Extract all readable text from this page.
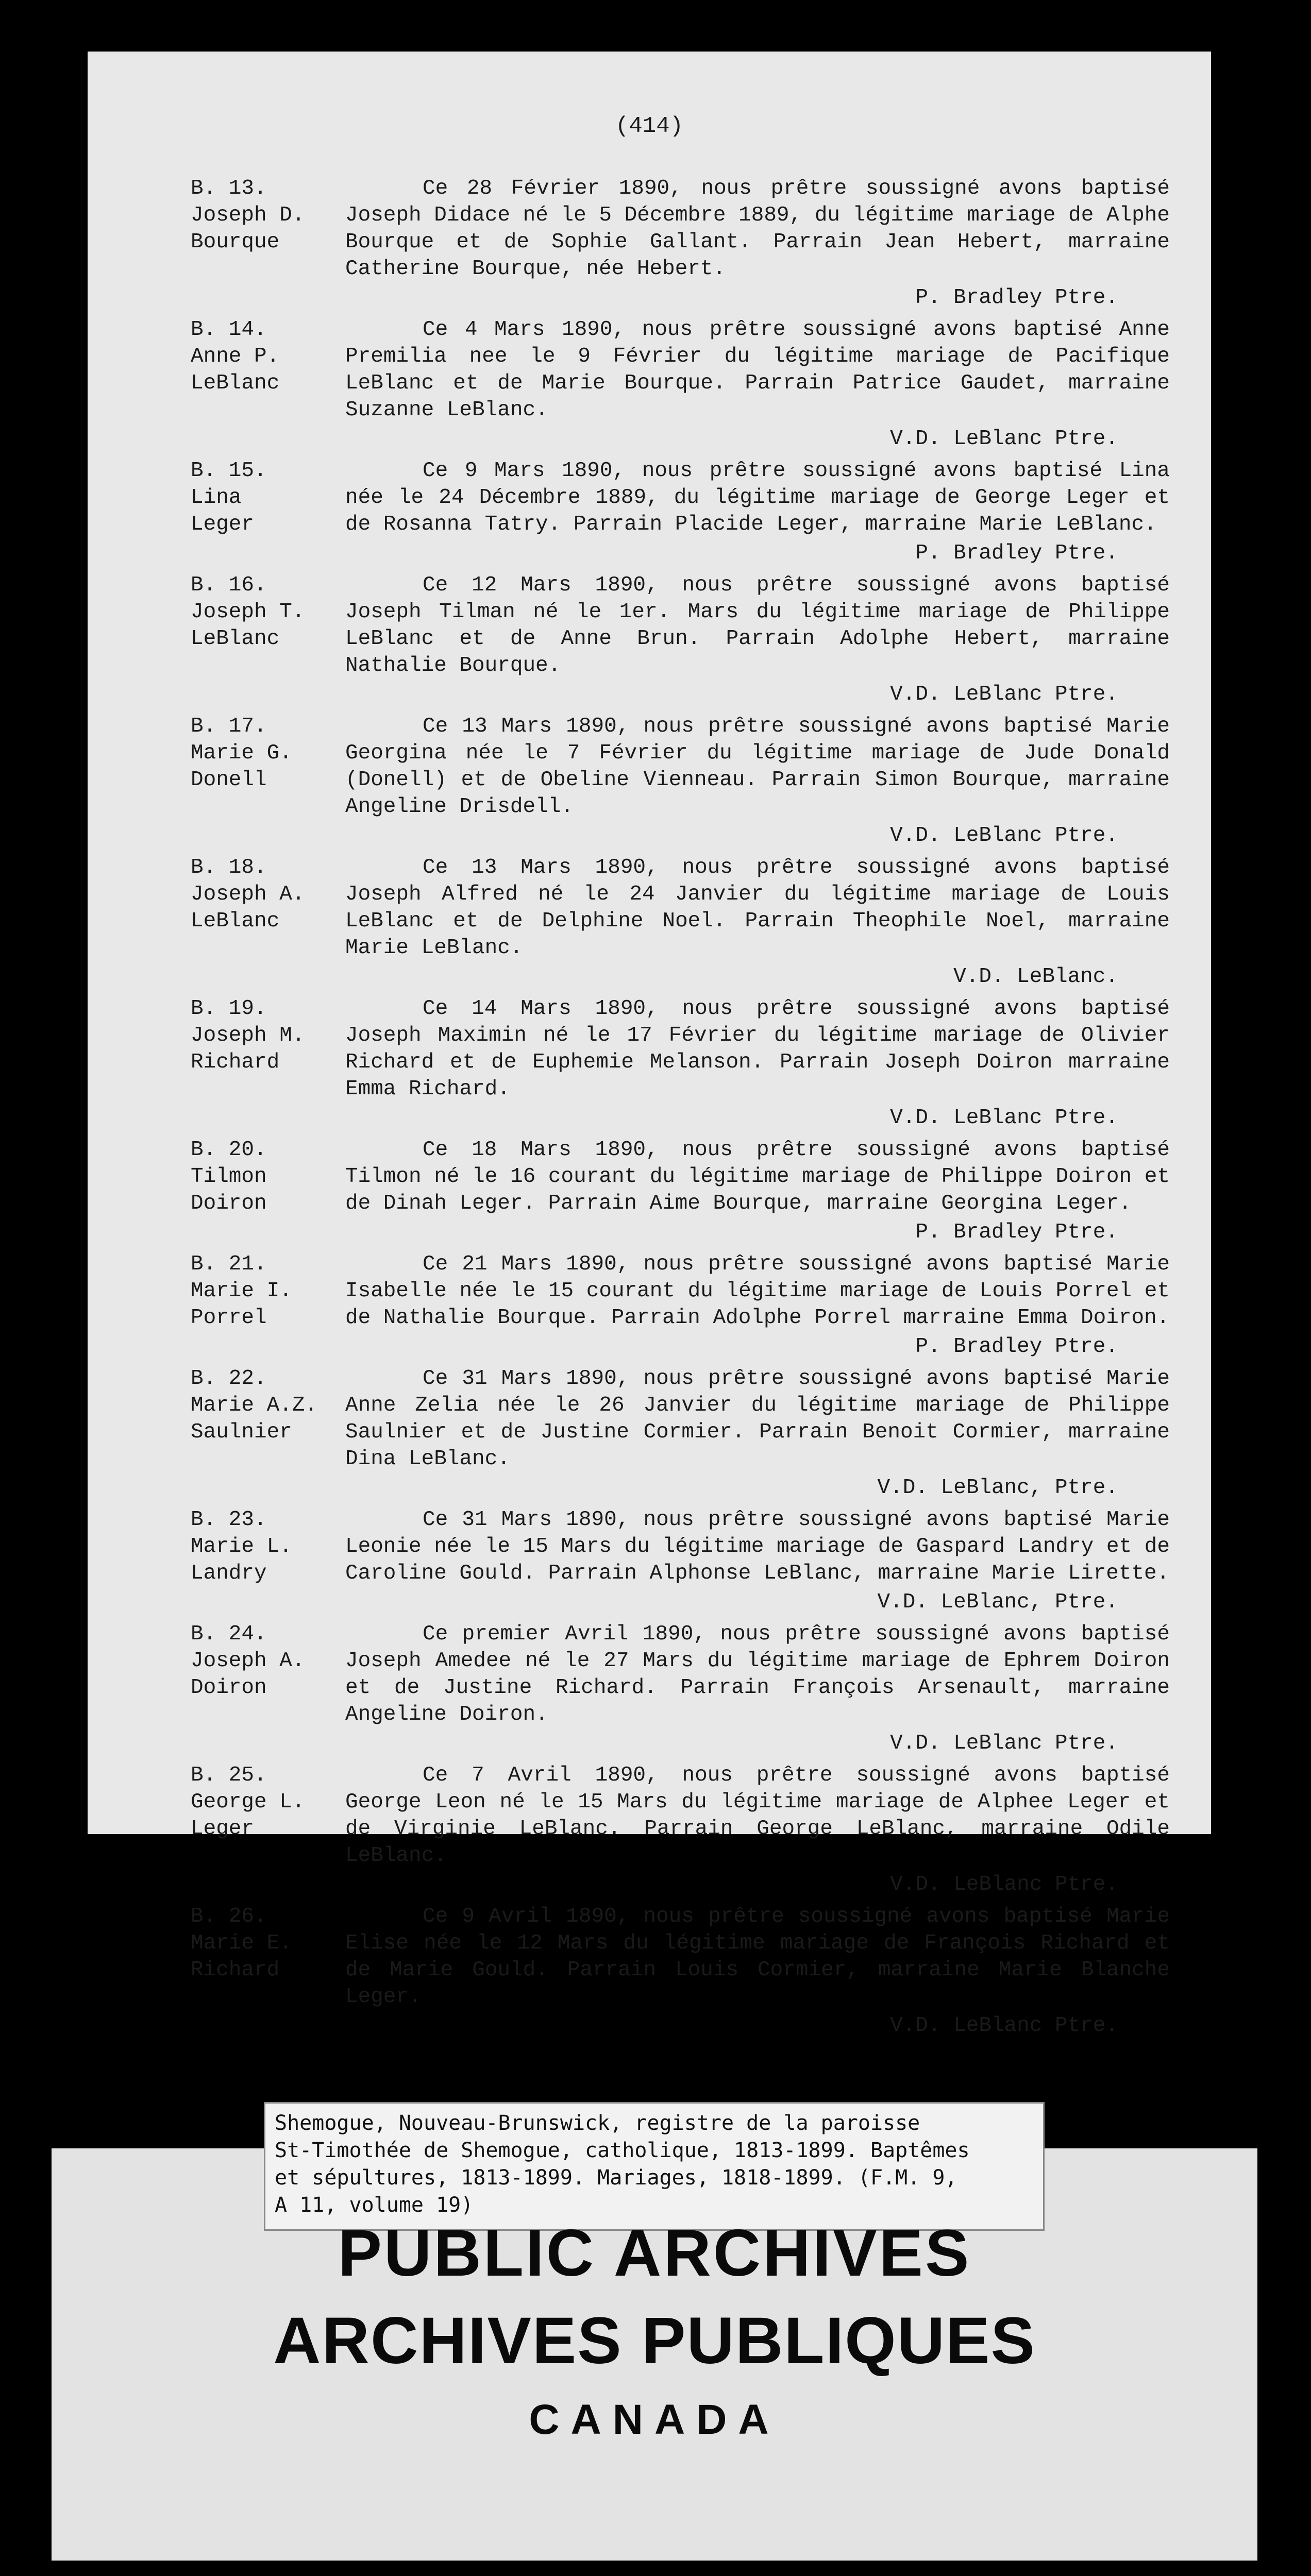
(414)
B. 13.
Joseph D.
Bourque
Ce 28 Février 1890, nous prêtre soussigné avons baptisé Joseph Didace né le 5 Décembre 1889, du légitime mariage de Alphe Bourque et de Sophie Gallant. Parrain Jean Hebert, marraine Catherine Bourque, née Hebert.
P. Bradley Ptre.
B. 14.
Anne P.
LeBlanc
Ce 4 Mars 1890, nous prêtre soussigné avons baptisé Anne Premilia nee le 9 Février du légitime mariage de Pacifique LeBlanc et de Marie Bourque. Parrain Patrice Gaudet, marraine Suzanne LeBlanc.
V.D. LeBlanc Ptre.
B. 15.
Lina
Leger
Ce 9 Mars 1890, nous prêtre soussigné avons baptisé Lina née le 24 Décembre 1889, du légitime mariage de George Leger et de Rosanna Tatry. Parrain Placide Leger, marraine Marie LeBlanc.
P. Bradley Ptre.
B. 16.
Joseph T.
LeBlanc
Ce 12 Mars 1890, nous prêtre soussigné avons baptisé Joseph Tilman né le 1er. Mars du légitime mariage de Philippe LeBlanc et de Anne Brun. Parrain Adolphe Hebert, marraine Nathalie Bourque.
V.D. LeBlanc Ptre.
B. 17.
Marie G.
Donell
Ce 13 Mars 1890, nous prêtre soussigné avons baptisé Marie Georgina née le 7 Février du légitime mariage de Jude Donald (Donell) et de Obeline Vienneau. Parrain Simon Bourque, marraine Angeline Drisdell.
V.D. LeBlanc Ptre.
B. 18.
Joseph A.
LeBlanc
Ce 13 Mars 1890, nous prêtre soussigné avons baptisé Joseph Alfred né le 24 Janvier du légitime mariage de Louis LeBlanc et de Delphine Noel. Parrain Theophile Noel, marraine Marie LeBlanc.
V.D. LeBlanc.
B. 19.
Joseph M.
Richard
Ce 14 Mars 1890, nous prêtre soussigné avons baptisé Joseph Maximin né le 17 Février du légitime mariage de Olivier Richard et de Euphemie Melanson. Parrain Joseph Doiron marraine Emma Richard.
V.D. LeBlanc Ptre.
B. 20.
Tilmon
Doiron
Ce 18 Mars 1890, nous prêtre soussigné avons baptisé Tilmon né le 16 courant du légitime mariage de Philippe Doiron et de Dinah Leger. Parrain Aime Bourque, marraine Georgina Leger.
P. Bradley Ptre.
B. 21.
Marie I.
Porrel
Ce 21 Mars 1890, nous prêtre soussigné avons baptisé Marie Isabelle née le 15 courant du légitime mariage de Louis Porrel et de Nathalie Bourque. Parrain Adolphe Porrel marraine Emma Doiron.
P. Bradley Ptre.
B. 22.
Marie A.Z.
Saulnier
Ce 31 Mars 1890, nous prêtre soussigné avons baptisé Marie Anne Zelia née le 26 Janvier du légitime mariage de Philippe Saulnier et de Justine Cormier. Parrain Benoit Cormier, marraine Dina LeBlanc.
V.D. LeBlanc, Ptre.
B. 23.
Marie L.
Landry
Ce 31 Mars 1890, nous prêtre soussigné avons baptisé Marie Leonie née le 15 Mars du légitime mariage de Gaspard Landry et de Caroline Gould. Parrain Alphonse LeBlanc, marraine Marie Lirette.
V.D. LeBlanc, Ptre.
B. 24.
Joseph A.
Doiron
Ce premier Avril 1890, nous prêtre soussigné avons baptisé Joseph Amedee né le 27 Mars du légitime mariage de Ephrem Doiron et de Justine Richard. Parrain François Arsenault, marraine Angeline Doiron.
V.D. LeBlanc Ptre.
B. 25.
George L.
Leger
Ce 7 Avril 1890, nous prêtre soussigné avons baptisé George Leon né le 15 Mars du légitime mariage de Alphee Leger et de Virginie LeBlanc. Parrain George LeBlanc, marraine Odile LeBlanc.
V.D. LeBlanc Ptre.
B. 26.
Marie E.
Richard
Ce 9 Avril 1890, nous prêtre soussigné avons baptisé Marie Elise née le 12 Mars du légitime mariage de François Richard et de Marie Gould. Parrain Louis Cormier, marraine Marie Blanche Leger.
V.D. LeBlanc Ptre.
Shemogue, Nouveau-Brunswick, registre de la paroisse
St-Timothée de Shemogue, catholique, 1813-1899. Baptêmes
et sépultures, 1813-1899. Mariages, 1818-1899. (F.M. 9,
A 11, volume 19)
PUBLIC ARCHIVES
ARCHIVES PUBLIQUES
CANADA
